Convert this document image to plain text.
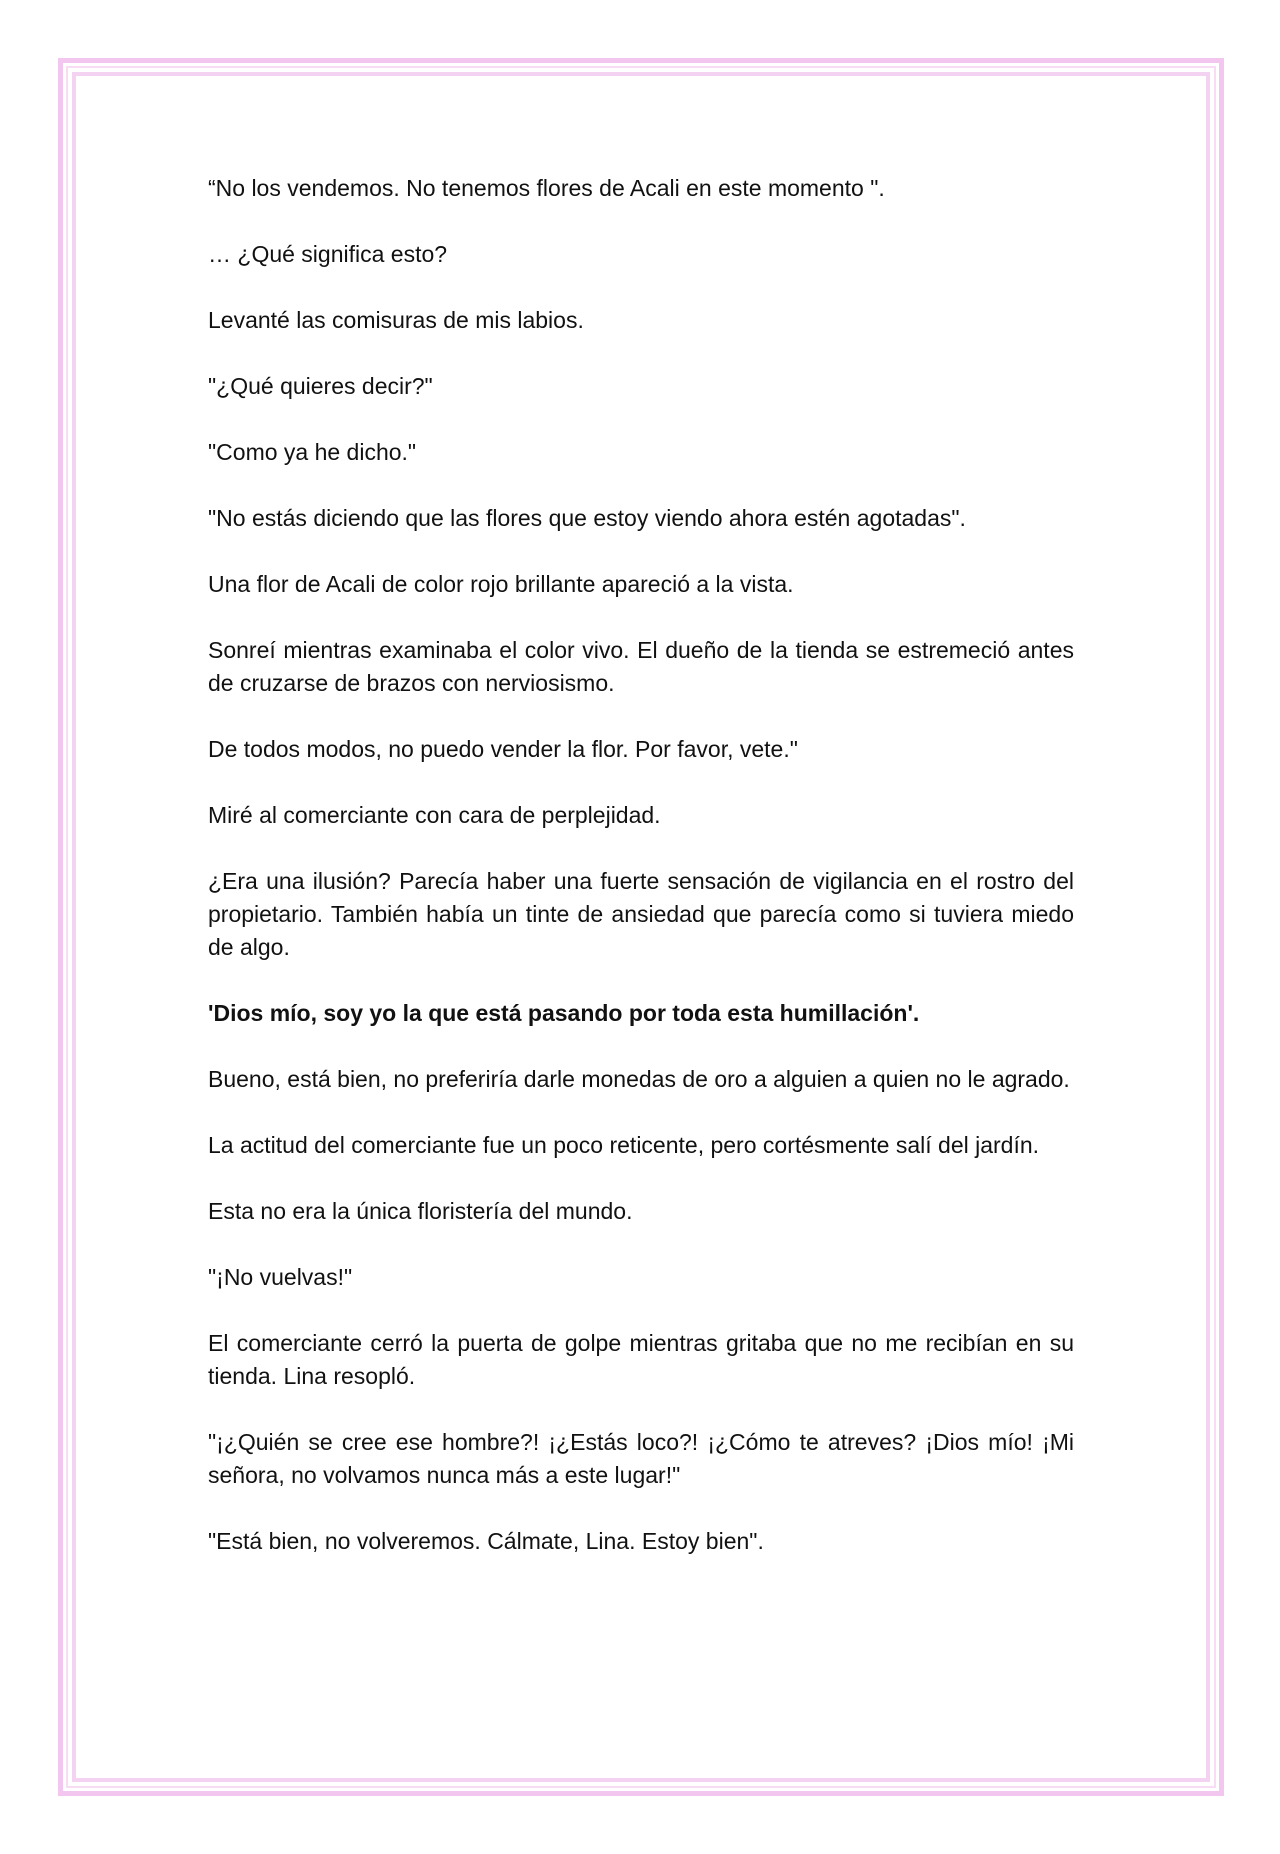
“No los vendemos. No tenemos flores de Acali en este momento ".

… ¿Qué significa esto?

Levanté las comisuras de mis labios.

"¿Qué quieres decir?"

"Como ya he dicho."

"No estás diciendo que las flores que estoy viendo ahora estén agotadas".

Una flor de Acali de color rojo brillante apareció a la vista.

Sonreí mientras examinaba el color vivo. El dueño de la tienda se estremeció antes de cruzarse de brazos con nerviosismo.

De todos modos, no puedo vender la flor. Por favor, vete."

Miré al comerciante con cara de perplejidad.

¿Era una ilusión? Parecía haber una fuerte sensación de vigilancia en el rostro del propietario. También había un tinte de ansiedad que parecía como si tuviera miedo de algo.

'Dios mío, soy yo la que está pasando por toda esta humillación'.

Bueno, está bien, no preferiría darle monedas de oro a alguien a quien no le agrado.

La actitud del comerciante fue un poco reticente, pero cortésmente salí del jardín.

Esta no era la única floristería del mundo.

"¡No vuelvas!"

El comerciante cerró la puerta de golpe mientras gritaba que no me recibían en su tienda. Lina resopló.

"¡¿Quién se cree ese hombre?! ¡¿Estás loco?! ¡¿Cómo te atreves? ¡Dios mío! ¡Mi señora, no volvamos nunca más a este lugar!"

"Está bien, no volveremos. Cálmate, Lina. Estoy bien".
